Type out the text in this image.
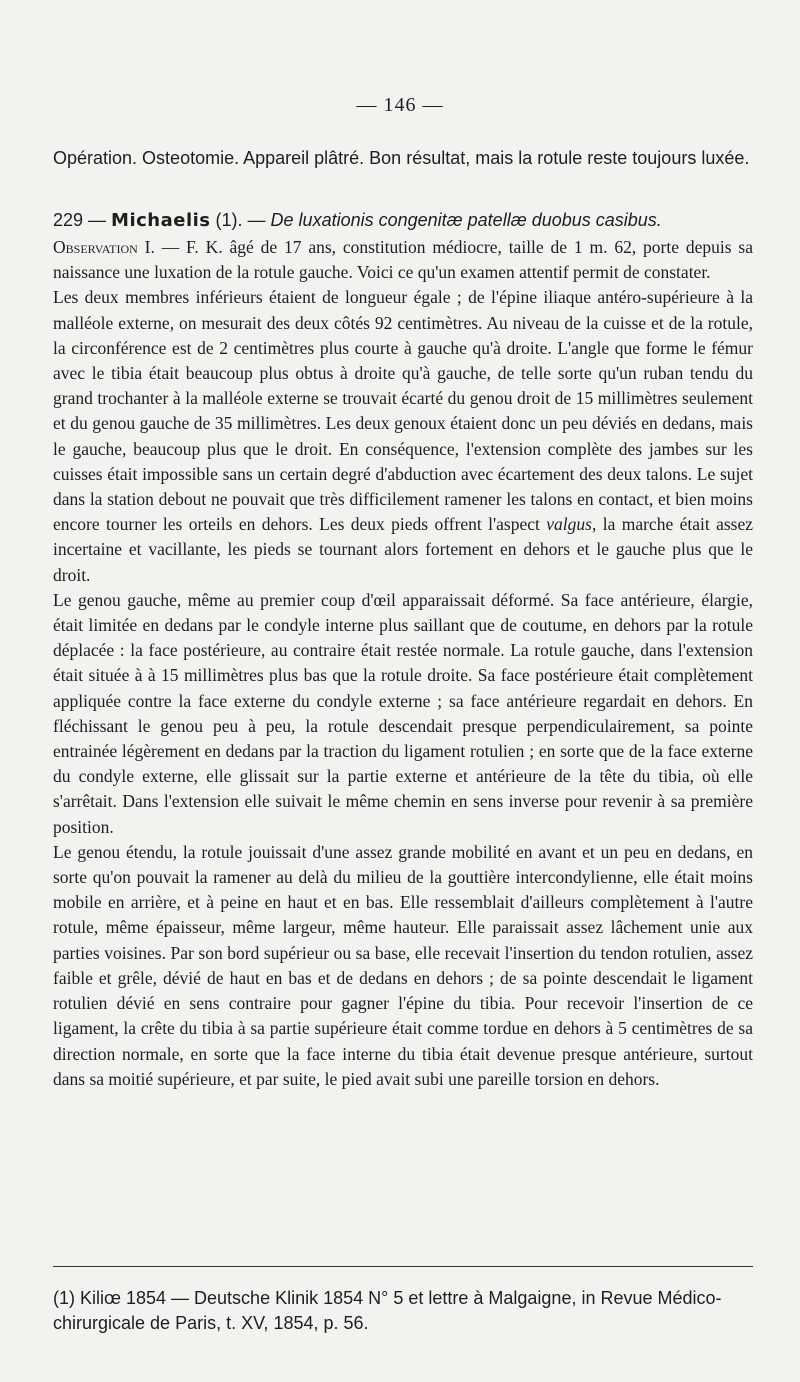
— 146 —

Opération. Osteotomie. Appareil plâtré. Bon résultat, mais la rotule reste toujours luxée.

229 — Michaelis (1). — De luxationis congenitæ patellæ duobus casibus.

Observation I. — F. K. âgé de 17 ans, constitution médiocre, taille de 1 m. 62, porte depuis sa naissance une luxation de la rotule gauche. Voici ce qu'un examen attentif permit de constater.

Les deux membres inférieurs étaient de longueur égale ; de l'épine iliaque antéro-supérieure à la malléole externe, on mesurait des deux côtés 92 centimètres. Au niveau de la cuisse et de la rotule, la circonférence est de 2 centimètres plus courte à gauche qu'à droite. L'angle que forme le fémur avec le tibia était beaucoup plus obtus à droite qu'à gauche, de telle sorte qu'un ruban tendu du grand trochanter à la malléole externe se trouvait écarté du genou droit de 15 millimètres seulement et du genou gauche de 35 millimètres. Les deux genoux étaient donc un peu déviés en dedans, mais le gauche, beaucoup plus que le droit. En conséquence, l'extension complète des jambes sur les cuisses était impossible sans un certain degré d'abduction avec écartement des deux talons. Le sujet dans la station debout ne pouvait que très difficilement ramener les talons en contact, et bien moins encore tourner les orteils en dehors. Les deux pieds offrent l'aspect valgus, la marche était assez incertaine et vacillante, les pieds se tournant alors fortement en dehors et le gauche plus que le droit.

Le genou gauche, même au premier coup d'œil apparaissait déformé. Sa face antérieure, élargie, était limitée en dedans par le condyle interne plus saillant que de coutume, en dehors par la rotule déplacée : la face postérieure, au contraire était restée normale. La rotule gauche, dans l'extension était située à à 15 millimètres plus bas que la rotule droite. Sa face postérieure était complètement appliquée contre la face externe du condyle externe ; sa face antérieure regardait en dehors. En fléchissant le genou peu à peu, la rotule descendait presque perpendiculairement, sa pointe entrainée légèrement en dedans par la traction du ligament rotulien ; en sorte que de la face externe du condyle externe, elle glissait sur la partie externe et antérieure de la tête du tibia, où elle s'arrêtait. Dans l'extension elle suivait le même chemin en sens inverse pour revenir à sa première position.

Le genou étendu, la rotule jouissait d'une assez grande mobilité en avant et un peu en dedans, en sorte qu'on pouvait la ramener au delà du milieu de la gouttière intercondylienne, elle était moins mobile en arrière, et à peine en haut et en bas. Elle ressemblait d'ailleurs complètement à l'autre rotule, même épaisseur, même largeur, même hauteur. Elle paraissait assez lâchement unie aux parties voisines. Par son bord supérieur ou sa base, elle recevait l'insertion du tendon rotulien, assez faible et grêle, dévié de haut en bas et de dedans en dehors ; de sa pointe descendait le ligament rotulien dévié en sens contraire pour gagner l'épine du tibia. Pour recevoir l'insertion de ce ligament, la crête du tibia à sa partie supérieure était comme tordue en dehors à 5 centimètres de sa direction normale, en sorte que la face interne du tibia était devenue presque antérieure, surtout dans sa moitié supérieure, et par suite, le pied avait subi une pareille torsion en dehors.

(1) Kiliœ 1854 — Deutsche Klinik 1854 N° 5 et lettre à Malgaigne, in Revue Médico-chirurgicale de Paris, t. XV, 1854, p. 56.
